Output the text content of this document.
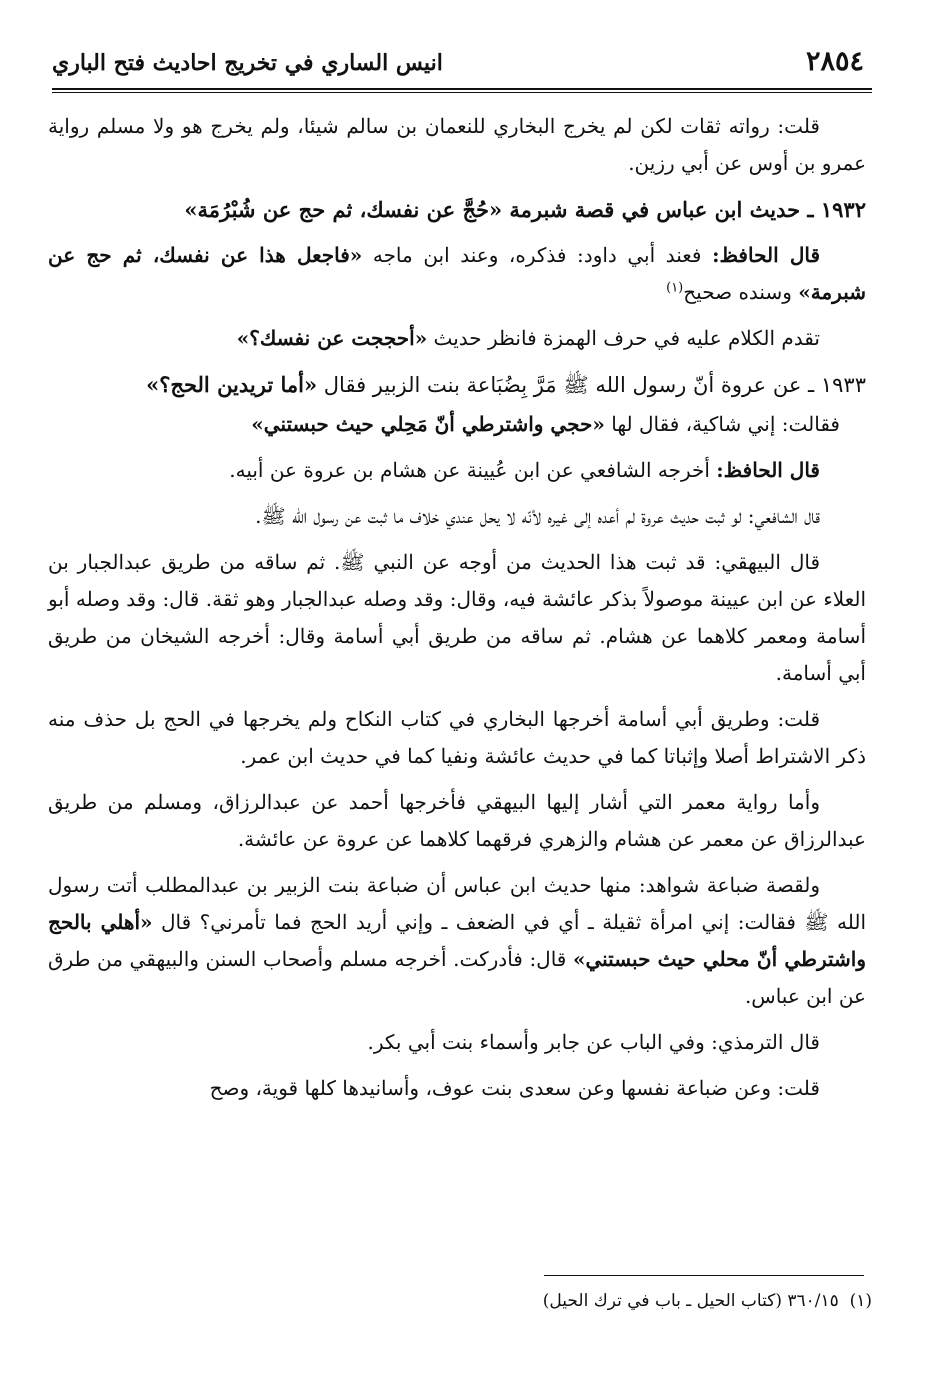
٢٨٥٤
انيس الساري في تخريج احاديث فتح الباري

قلت: رواته ثقات لكن لم يخرج البخاري للنعمان بن سالم شيئا، ولم يخرج هو ولا مسلم رواية عمرو بن أوس عن أبي رزين.

١٩٣٢ ـ حديث ابن عباس في قصة شبرمة «حُجَّ عن نفسك، ثم حج عن شُبْرُمَة»

قال الحافظ: فعند أبي داود: فذكره، وعند ابن ماجه «فاجعل هذا عن نفسك، ثم حج عن شبرمة» وسنده صحيح$^{(١)}$

تقدم الكلام عليه في حرف الهمزة فانظر حديث «أحججت عن نفسك؟»

١٩٣٣ ـ عن عروة أنّ رسول الله ﷺ مَرَّ بِضُبَاعة بنت الزبير فقال «أما تريدين الحج؟»

فقالت: إني شاكية، فقال لها «حجي واشترطي أنّ مَحِلي حيث حبستني»

قال الحافظ: أخرجه الشافعي عن ابن عُيينة عن هشام بن عروة عن أبيه.

قال الشافعي: لو ثبت حديث عروة لم أعده إلى غيره لأنّه لا يحل عندي خلاف ما ثبت عن رسول الله ﷺ.

قال البيهقي: قد ثبت هذا الحديث من أوجه عن النبي ﷺ. ثم ساقه من طريق عبدالجبار بن العلاء عن ابن عيينة موصولاً بذكر عائشة فيه، وقال: وقد وصله عبدالجبار وهو ثقة. قال: وقد وصله أبو أسامة ومعمر كلاهما عن هشام. ثم ساقه من طريق أبي أسامة وقال: أخرجه الشيخان من طريق أبي أسامة.

قلت: وطريق أبي أسامة أخرجها البخاري في كتاب النكاح ولم يخرجها في الحج بل حذف منه ذكر الاشتراط أصلا وإثباتا كما في حديث عائشة ونفيا كما في حديث ابن عمر.

وأما رواية معمر التي أشار إليها البيهقي فأخرجها أحمد عن عبدالرزاق، ومسلم من طريق عبدالرزاق عن معمر عن هشام والزهري فرقهما كلاهما عن عروة عن عائشة.

ولقصة ضباعة شواهد: منها حديث ابن عباس أن ضباعة بنت الزبير بن عبدالمطلب أتت رسول الله ﷺ فقالت: إني امرأة ثقيلة ـ أي في الضعف ـ وإني أريد الحج فما تأمرني؟ قال «أهلي بالحج واشترطي أنّ محلي حيث حبستني» قال: فأدركت. أخرجه مسلم وأصحاب السنن والبيهقي من طرق عن ابن عباس.

قال الترمذي: وفي الباب عن جابر وأسماء بنت أبي بكر.

قلت: وعن ضباعة نفسها وعن سعدى بنت عوف، وأسانيدها كلها قوية، وصح

(١)  ٣٦٠/١٥ (كتاب الحيل ـ باب في ترك الحيل)
